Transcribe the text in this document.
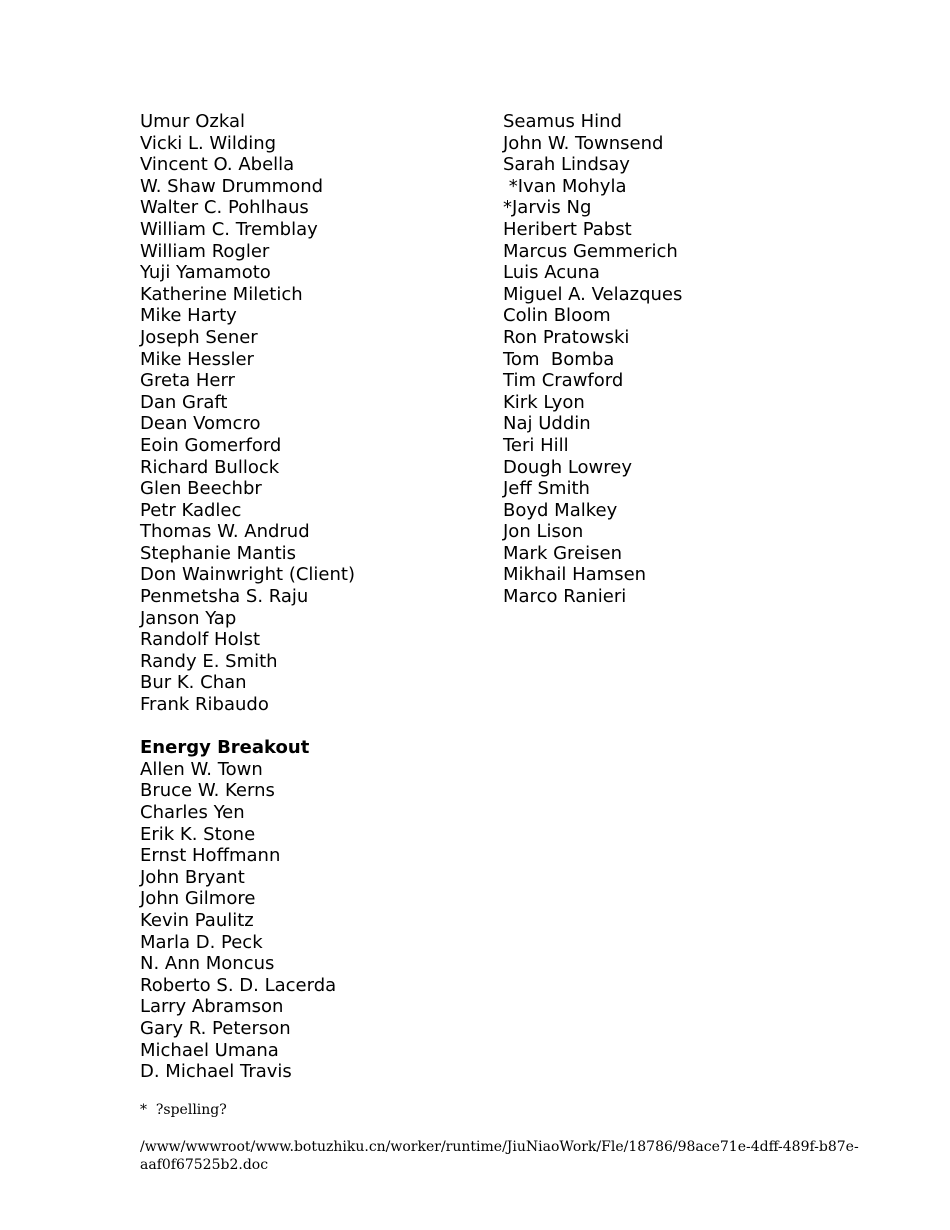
Umur Ozkal
Vicki L. Wilding
Vincent O. Abella
W. Shaw Drummond
Walter C. Pohlhaus
William C. Tremblay
William Rogler
Yuji Yamamoto
Katherine Miletich
Mike Harty
Joseph Sener
Mike Hessler
Greta Herr
Dan Graft
Dean Vomcro
Eoin Gomerford
Richard Bullock
Glen Beechbr
Petr Kadlec
Thomas W. Andrud
Stephanie Mantis
Don Wainwright (Client)
Penmetsha S. Raju
Janson Yap
Randolf Holst
Randy E. Smith
Bur K. Chan
Frank Ribaudo
Energy Breakout
Allen W. Town
Bruce W. Kerns
Charles Yen
Erik K. Stone
Ernst Hoffmann
John Bryant
John Gilmore
Kevin Paulitz
Marla D. Peck
N. Ann Moncus
Roberto S. D. Lacerda
Larry Abramson
Gary R. Peterson
Michael Umana
D. Michael Travis
Seamus Hind
John W. Townsend
Sarah Lindsay
*Ivan Mohyla
*Jarvis Ng
Heribert Pabst
Marcus Gemmerich
Luis Acuna
Miguel A. Velazques
Colin Bloom
Ron Pratowski
Tom  Bomba
Tim Crawford
Kirk Lyon
Naj Uddin
Teri Hill
Dough Lowrey
Jeff Smith
Boyd Malkey
Jon Lison
Mark Greisen
Mikhail Hamsen
Marco Ranieri
*  ?spelling?
/www/wwwroot/www.botuzhiku.cn/worker/runtime/JiuNiaoWork/Fle/18786/98ace71e-4dff-489f-b87e-
aaf0f67525b2.doc
